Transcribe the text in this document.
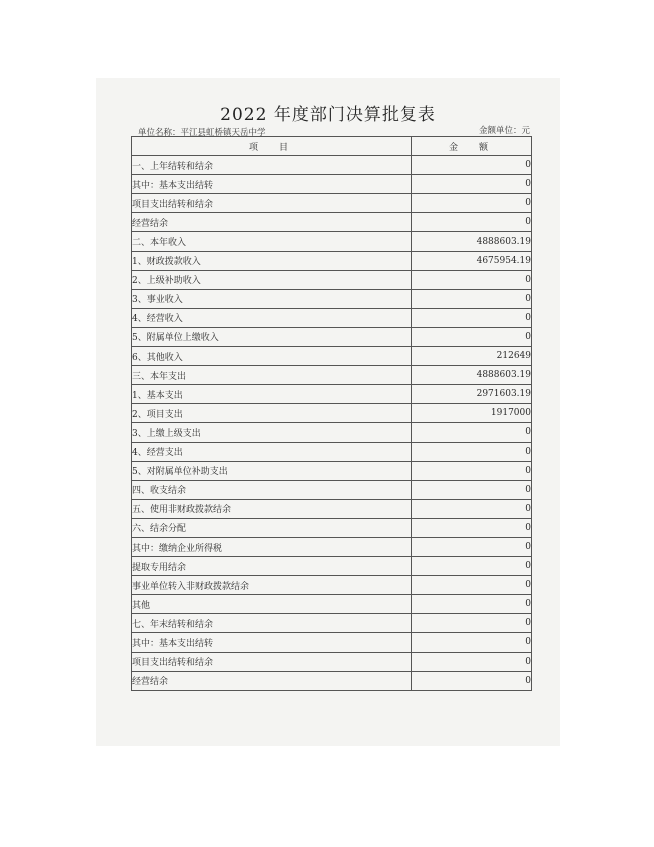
2022 年度部门决算批复表
单位名称：平江县虹桥镇天岳中学	金额单位：元
项　目	金　额
一、上年结转和结余	0
其中：基本支出结转	0
项目支出结转和结余	0
经营结余	0
二、本年收入	4888603.19
1、财政拨款收入	4675954.19
2、上级补助收入	0
3、事业收入	0
4、经营收入	0
5、附属单位上缴收入	0
6、其他收入	212649
三、本年支出	4888603.19
1、基本支出	2971603.19
2、项目支出	1917000
3、上缴上级支出	0
4、经营支出	0
5、对附属单位补助支出	0
四、收支结余	0
五、使用非财政拨款结余	0
六、结余分配	0
其中：缴纳企业所得税	0
提取专用结余	0
事业单位转入非财政拨款结余	0
其他	0
七、年末结转和结余	0
其中：基本支出结转	0
项目支出结转和结余	0
经营结余	0
